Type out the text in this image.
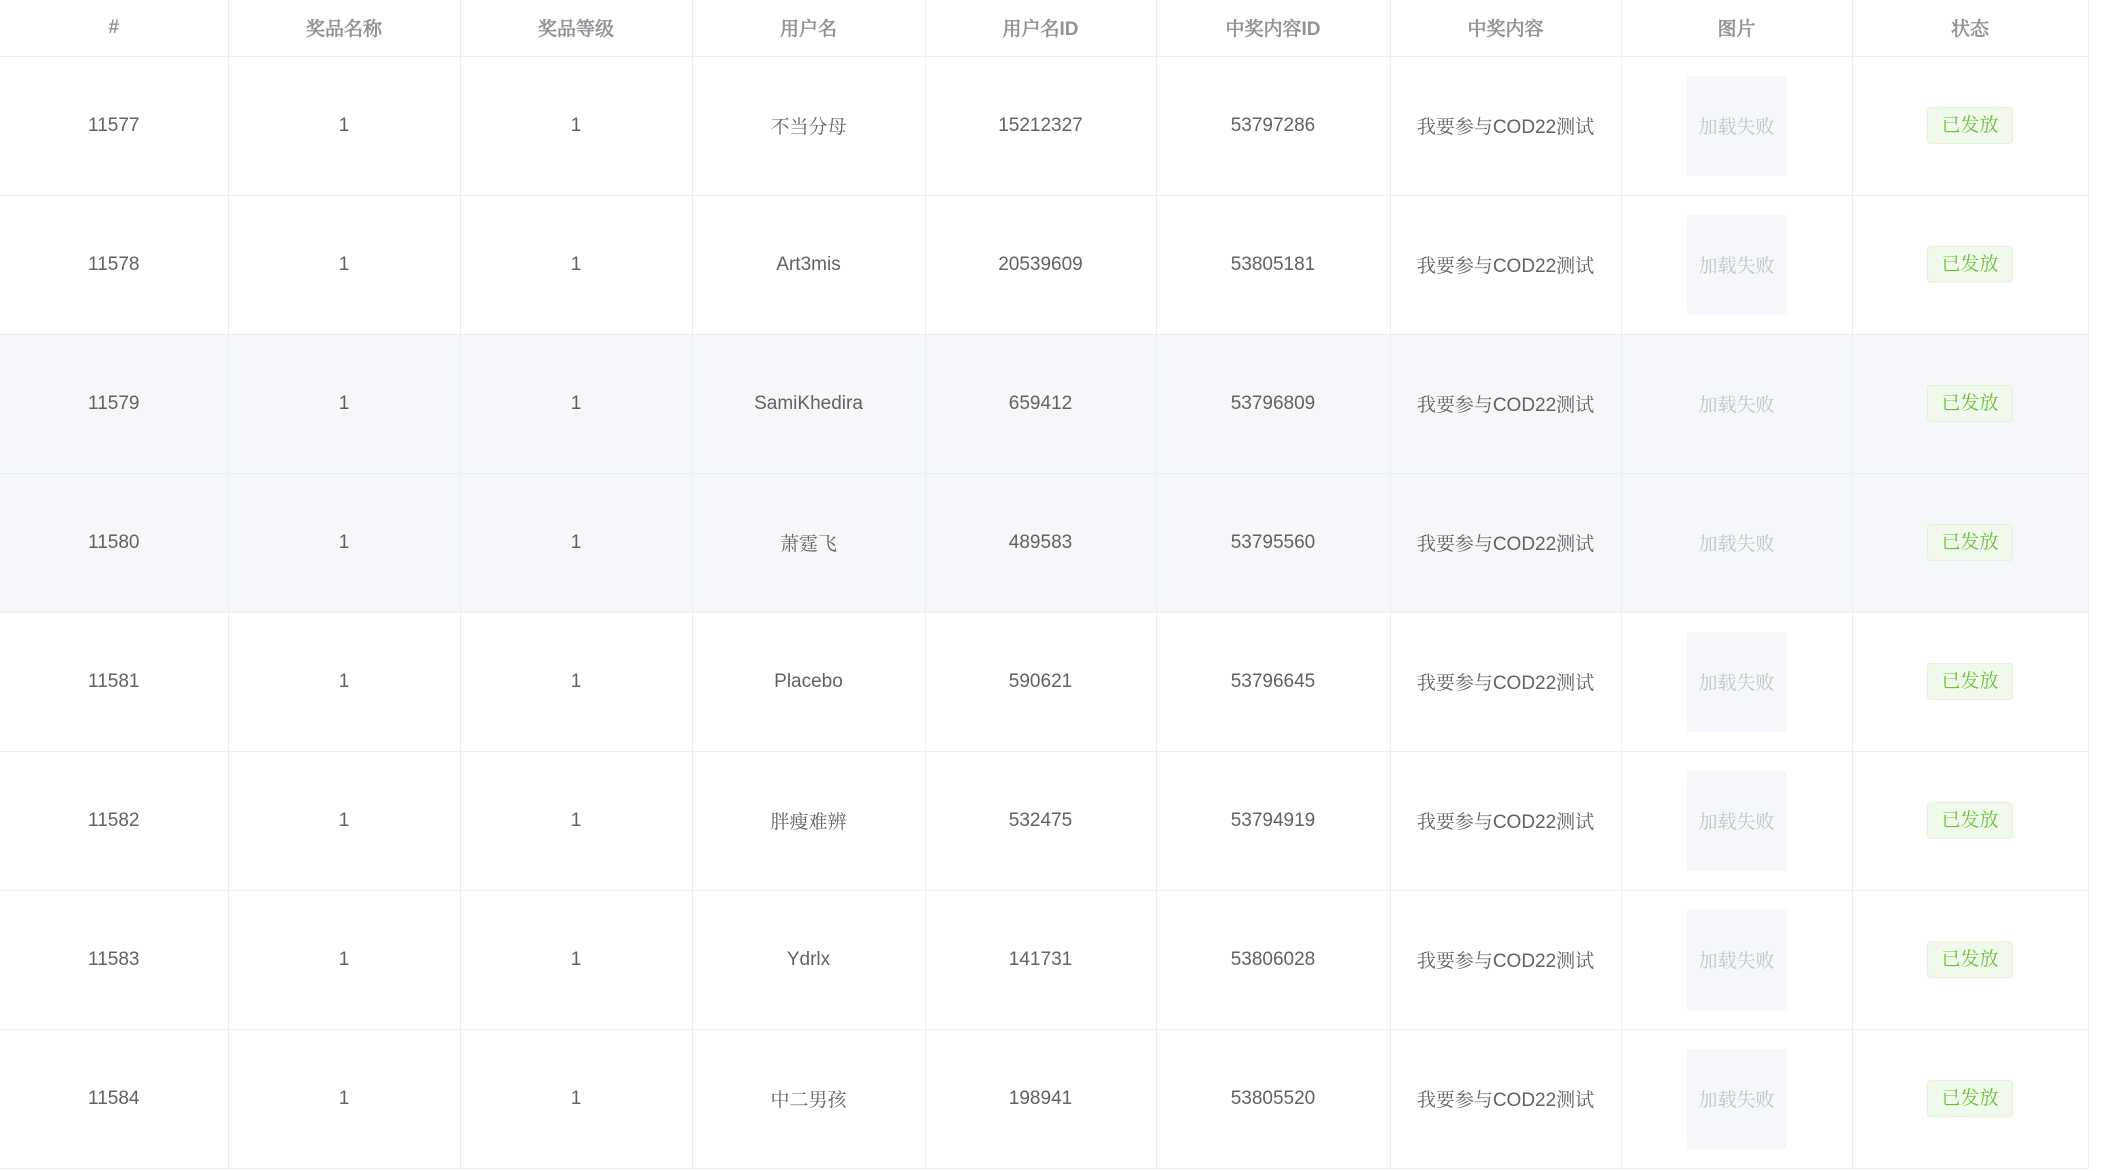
#	奖品名称	奖品等级	用户名	用户名ID	中奖内容ID	中奖内容	图片	状态
11577	1	1	不当分母	15212327	53797286	我要参与COD22测试	加载失败	已发放
11578	1	1	Art3mis	20539609	53805181	我要参与COD22测试	加载失败	已发放
11579	1	1	SamiKhedira	659412	53796809	我要参与COD22测试	加载失败	已发放
11580	1	1	萧霆飞	489583	53795560	我要参与COD22测试	加载失败	已发放
11581	1	1	Placebo	590621	53796645	我要参与COD22测试	加载失败	已发放
11582	1	1	胖瘦难辨	532475	53794919	我要参与COD22测试	加载失败	已发放
11583	1	1	Ydrlx	141731	53806028	我要参与COD22测试	加载失败	已发放
11584	1	1	中二男孩	198941	53805520	我要参与COD22测试	加载失败	已发放
